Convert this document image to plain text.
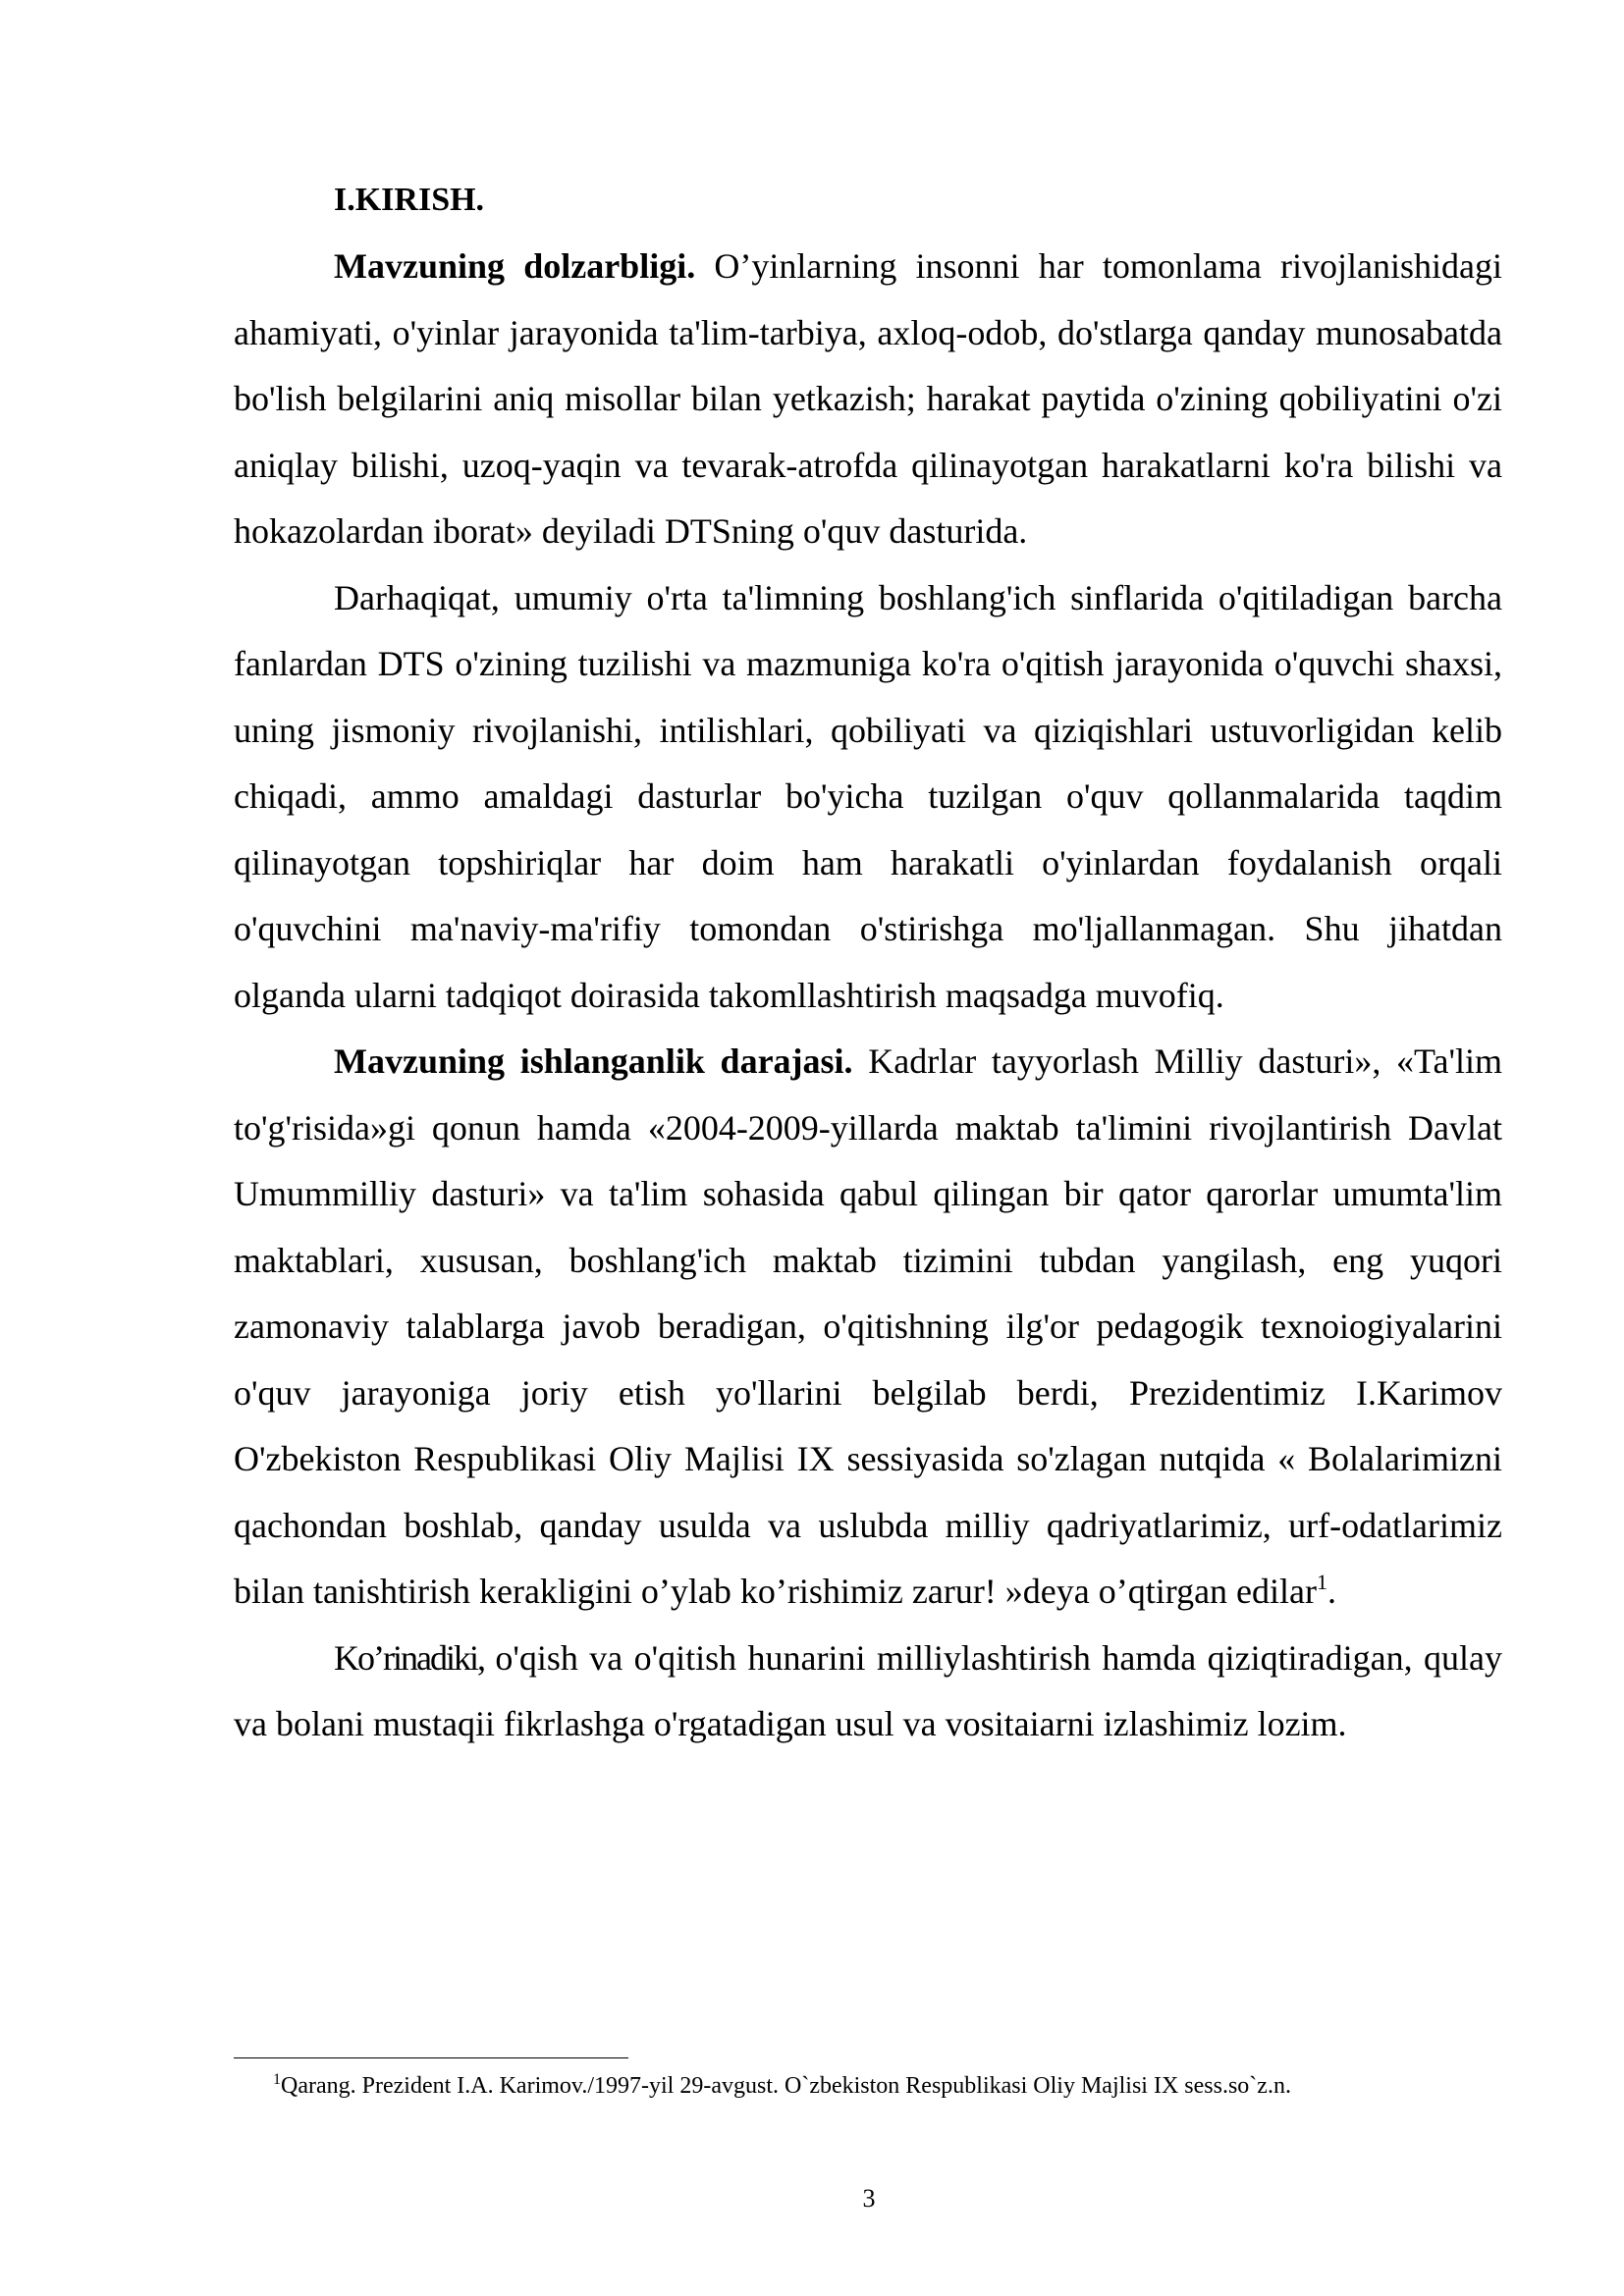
I.KIRISH.

Mavzuning dolzarbligi. O’yinlarning insonni har tomonlama rivojlanishidagi ahamiyati, o'yinlar jarayonida ta'lim-tarbiya, axloq-odob, do'stlarga qanday munosabatda bo'lish belgilarini aniq misollar bilan yetkazish; harakat paytida o'zining qobiliyatini o'zi aniqlay bilishi, uzoq-yaqin va tevarak-atrofda qilinayotgan harakatlarni ko'ra bilishi va hokazolardan iborat» deyiladi DTSning o'quv dasturida.

Darhaqiqat, umumiy o'rta ta'limning boshlang'ich sinflarida o'qitiladigan barcha fanlardan DTS o'zining tuzilishi va mazmuniga ko'ra o'qitish jarayonida o'quvchi shaxsi, uning jismoniy rivojlanishi, intilishlari, qobiliyati va qiziqishlari ustuvorligidan kelib chiqadi, ammo amaldagi dasturlar bo'yicha tuzilgan o'quv qollanmalarida taqdim qilinayotgan topshiriqlar har doim ham harakatli o'yinlardan foydalanish orqali o'quvchini ma'naviy-ma'rifiy tomondan o'stirishga mo'ljallanmagan. Shu jihatdan olganda ularni tadqiqot doirasida takomllashtirish maqsadga muvofiq.

Mavzuning ishlanganlik darajasi. Kadrlar tayyorlash Milliy dasturi», «Ta'lim to'g'risida»gi qonun hamda «2004-2009-yillarda maktab ta'limini rivojlantirish Davlat Umummilliy dasturi» va ta'lim sohasida qabul qilingan bir qator qarorlar umumta'lim maktablari, xususan, boshlang'ich maktab tizimini tubdan yangilash, eng yuqori zamonaviy talablarga javob beradigan, o'qitishning ilg'or pedagogik texnoiogiyalarini o'quv jarayoniga joriy etish yo'llarini belgilab berdi, Prezidentimiz I.Karimov O'zbekiston Respublikasi Oliy Majlisi IX sessiyasida so'zlagan nutqida « Bolalarimizni qachondan boshlab, qanday usulda va uslubda milliy qadriyatlarimiz, urf-odatlarimiz bilan tanishtirish kerakligini o’ylab ko’rishimiz zarur! »deya o’qtirgan edilar$^1$.

Ko’rinadiki, o'qish va o'qitish hunarini milliylashtirish hamda qiziqtiradigan, qulay va bolani mustaqii fikrlashga o'rgatadigan usul va vositaiarni izlashimiz lozim.

$^1$Qarang. Prezident I.A. Karimov./1997-yil 29-avgust. O`zbekiston Respublikasi Oliy Majlisi IX sess.so`z.n.
3
